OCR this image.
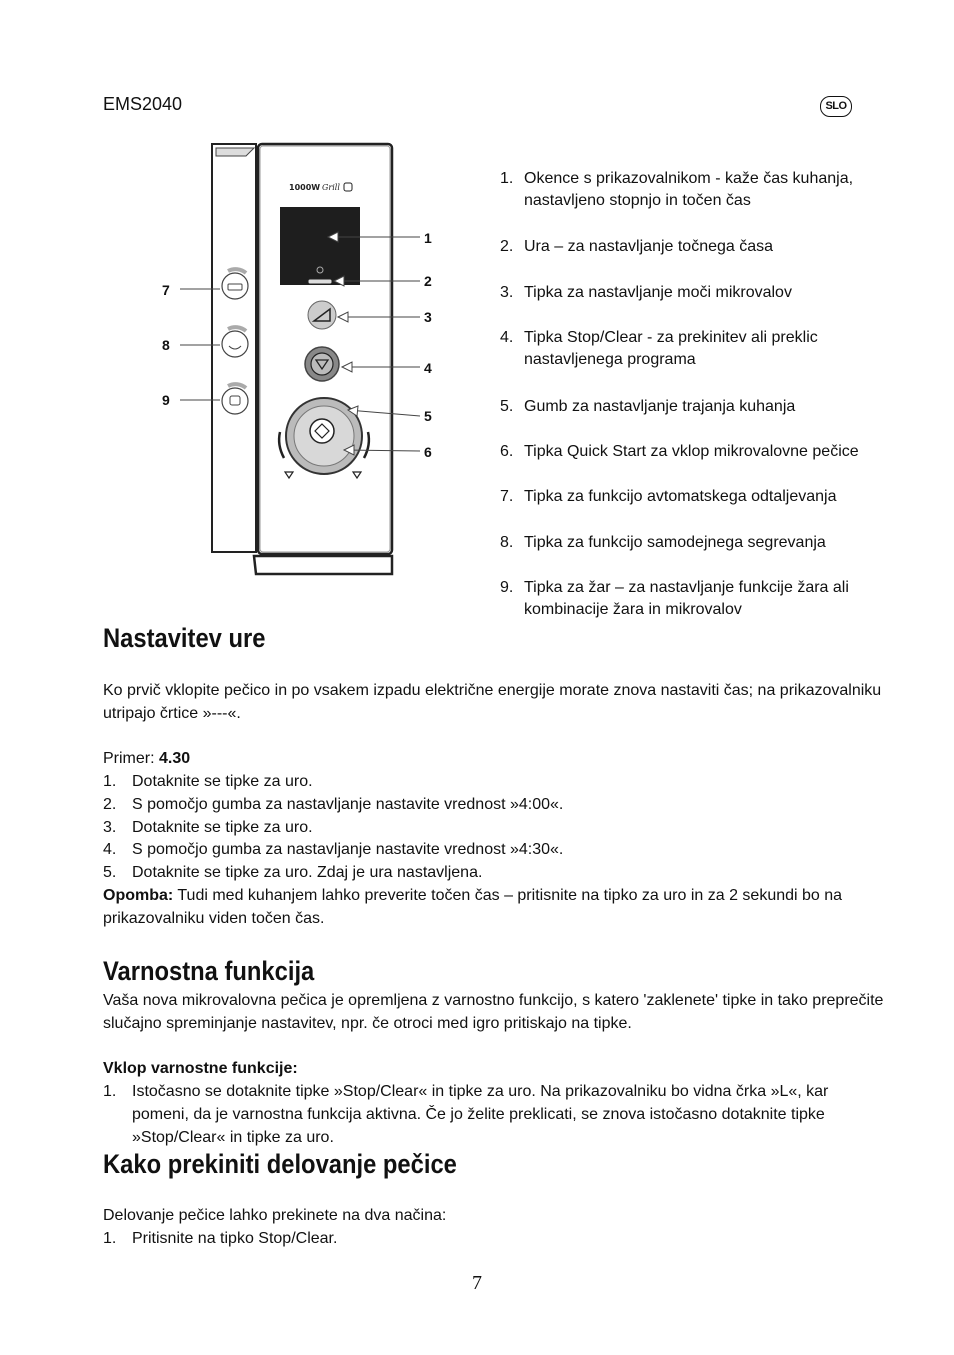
EMS2040	SLO
1000W Grill
1
2
3
4
5
6
7
8
9
1. Okence s prikazovalnikom - kaže čas kuhanja, nastavljeno stopnjo in točen čas
2. Ura – za nastavljanje točnega časa
3. Tipka za nastavljanje moči mikrovalov
4. Tipka Stop/Clear - za prekinitev ali preklic nastavljenega programa
5. Gumb za nastavljanje trajanja kuhanja
6. Tipka Quick Start za vklop mikrovalovne pečice
7. Tipka za funkcijo avtomatskega odtaljevanja
8. Tipka za funkcijo samodejnega segrevanja
9. Tipka za žar – za nastavljanje funkcije žara ali kombinacije žara in mikrovalov
Nastavitev ure
Ko prvič vklopite pečico in po vsakem izpadu električne energije morate znova nastaviti čas; na prikazovalniku utripajo črtice »---«.
Primer: 4.30
1. Dotaknite se tipke za uro.
2. S pomočjo gumba za nastavljanje nastavite vrednost »4:00«.
3. Dotaknite se tipke za uro.
4. S pomočjo gumba za nastavljanje nastavite vrednost »4:30«.
5. Dotaknite se tipke za uro. Zdaj je ura nastavljena.
Opomba: Tudi med kuhanjem lahko preverite točen čas – pritisnite na tipko za uro in za 2 sekundi bo na prikazovalniku viden točen čas.
Varnostna funkcija
Vaša nova mikrovalovna pečica je opremljena z varnostno funkcijo, s katero 'zaklenete' tipke in tako preprečite slučajno spreminjanje nastavitev, npr. če otroci med igro pritiskajo na tipke.
Vklop varnostne funkcije:
1. Istočasno se dotaknite tipke »Stop/Clear« in tipke za uro. Na prikazovalniku bo vidna črka »L«, kar pomeni, da je varnostna funkcija aktivna. Če jo želite preklicati, se znova istočasno dotaknite tipke »Stop/Clear« in tipke za uro.
Kako prekiniti delovanje pečice
Delovanje pečice lahko prekinete na dva načina:
1. Pritisnite na tipko Stop/Clear.
7
